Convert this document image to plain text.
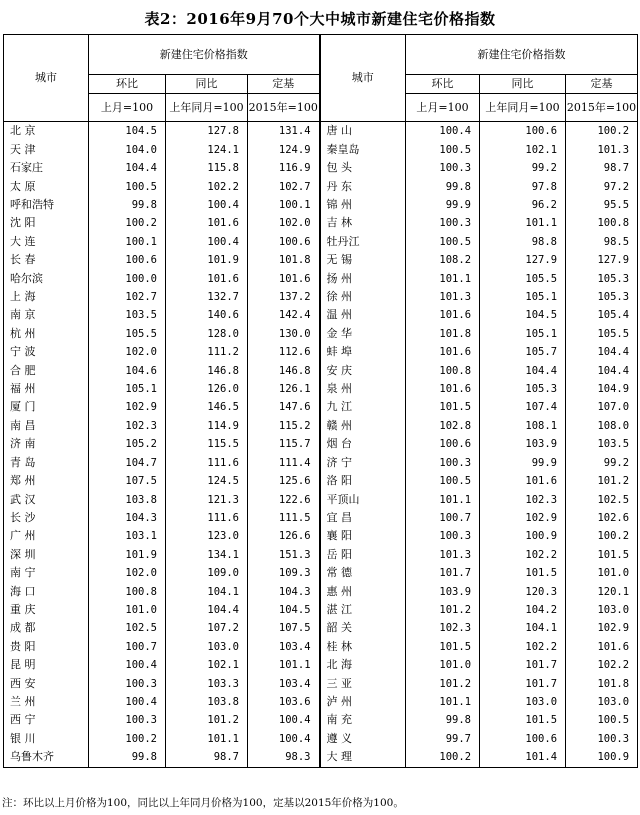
表2：2016年9月70个大中城市新建住宅价格指数
城市	新建住宅价格指数			城市	新建住宅价格指数		
	环比	同比	定基		环比	同比	定基
	上月=100	上年同月=100	2015年=100		上月=100	上年同月=100	2015年=100
北 京	104.5	127.8	131.4	唐 山	100.4	100.6	100.2
天 津	104.0	124.1	124.9	秦皇岛	100.5	102.1	101.3
石家庄	104.4	115.8	116.9	包 头	100.3	99.2	98.7
太 原	100.5	102.2	102.7	丹 东	99.8	97.8	97.2
呼和浩特	99.8	100.4	100.1	锦 州	99.9	96.2	95.5
沈 阳	100.2	101.6	102.0	吉 林	100.3	101.1	100.8
大 连	100.1	100.4	100.6	牡丹江	100.5	98.8	98.5
长 春	100.6	101.9	101.8	无 锡	108.2	127.9	127.9
哈尔滨	100.0	101.6	101.6	扬 州	101.1	105.5	105.3
上 海	102.7	132.7	137.2	徐 州	101.3	105.1	105.3
南 京	103.5	140.6	142.4	温 州	101.6	104.5	105.4
杭 州	105.5	128.0	130.0	金 华	101.8	105.1	105.5
宁 波	102.0	111.2	112.6	蚌 埠	101.6	105.7	104.4
合 肥	104.6	146.8	146.8	安 庆	100.8	104.4	104.4
福 州	105.1	126.0	126.1	泉 州	101.6	105.3	104.9
厦 门	102.9	146.5	147.6	九 江	101.5	107.4	107.0
南 昌	102.3	114.9	115.2	赣 州	102.8	108.1	108.0
济 南	105.2	115.5	115.7	烟 台	100.6	103.9	103.5
青 岛	104.7	111.6	111.4	济 宁	100.3	99.9	99.2
郑 州	107.5	124.5	125.6	洛 阳	100.5	101.6	101.2
武 汉	103.8	121.3	122.6	平顶山	101.1	102.3	102.5
长 沙	104.3	111.6	111.5	宜 昌	100.7	102.9	102.6
广 州	103.1	123.0	126.6	襄 阳	100.3	100.9	100.2
深 圳	101.9	134.1	151.3	岳 阳	101.3	102.2	101.5
南 宁	102.0	109.0	109.3	常 德	101.7	101.5	101.0
海 口	100.8	104.1	104.3	惠 州	103.9	120.3	120.1
重 庆	101.0	104.4	104.5	湛 江	101.2	104.2	103.0
成 都	102.5	107.2	107.5	韶 关	102.3	104.1	102.9
贵 阳	100.7	103.0	103.4	桂 林	101.5	102.2	101.6
昆 明	100.4	102.1	101.1	北 海	101.0	101.7	102.2
西 安	100.3	103.3	103.4	三 亚	101.2	101.7	101.8
兰 州	100.4	103.8	103.6	泸 州	101.1	103.0	103.0
西 宁	100.3	101.2	100.4	南 充	99.8	101.5	100.5
银 川	100.2	101.1	100.4	遵 义	99.7	100.6	100.3
乌鲁木齐	99.8	98.7	98.3	大 理	100.2	101.4	100.9
注：环比以上月价格为100，同比以上年同月价格为100，定基以2015年价格为100。
